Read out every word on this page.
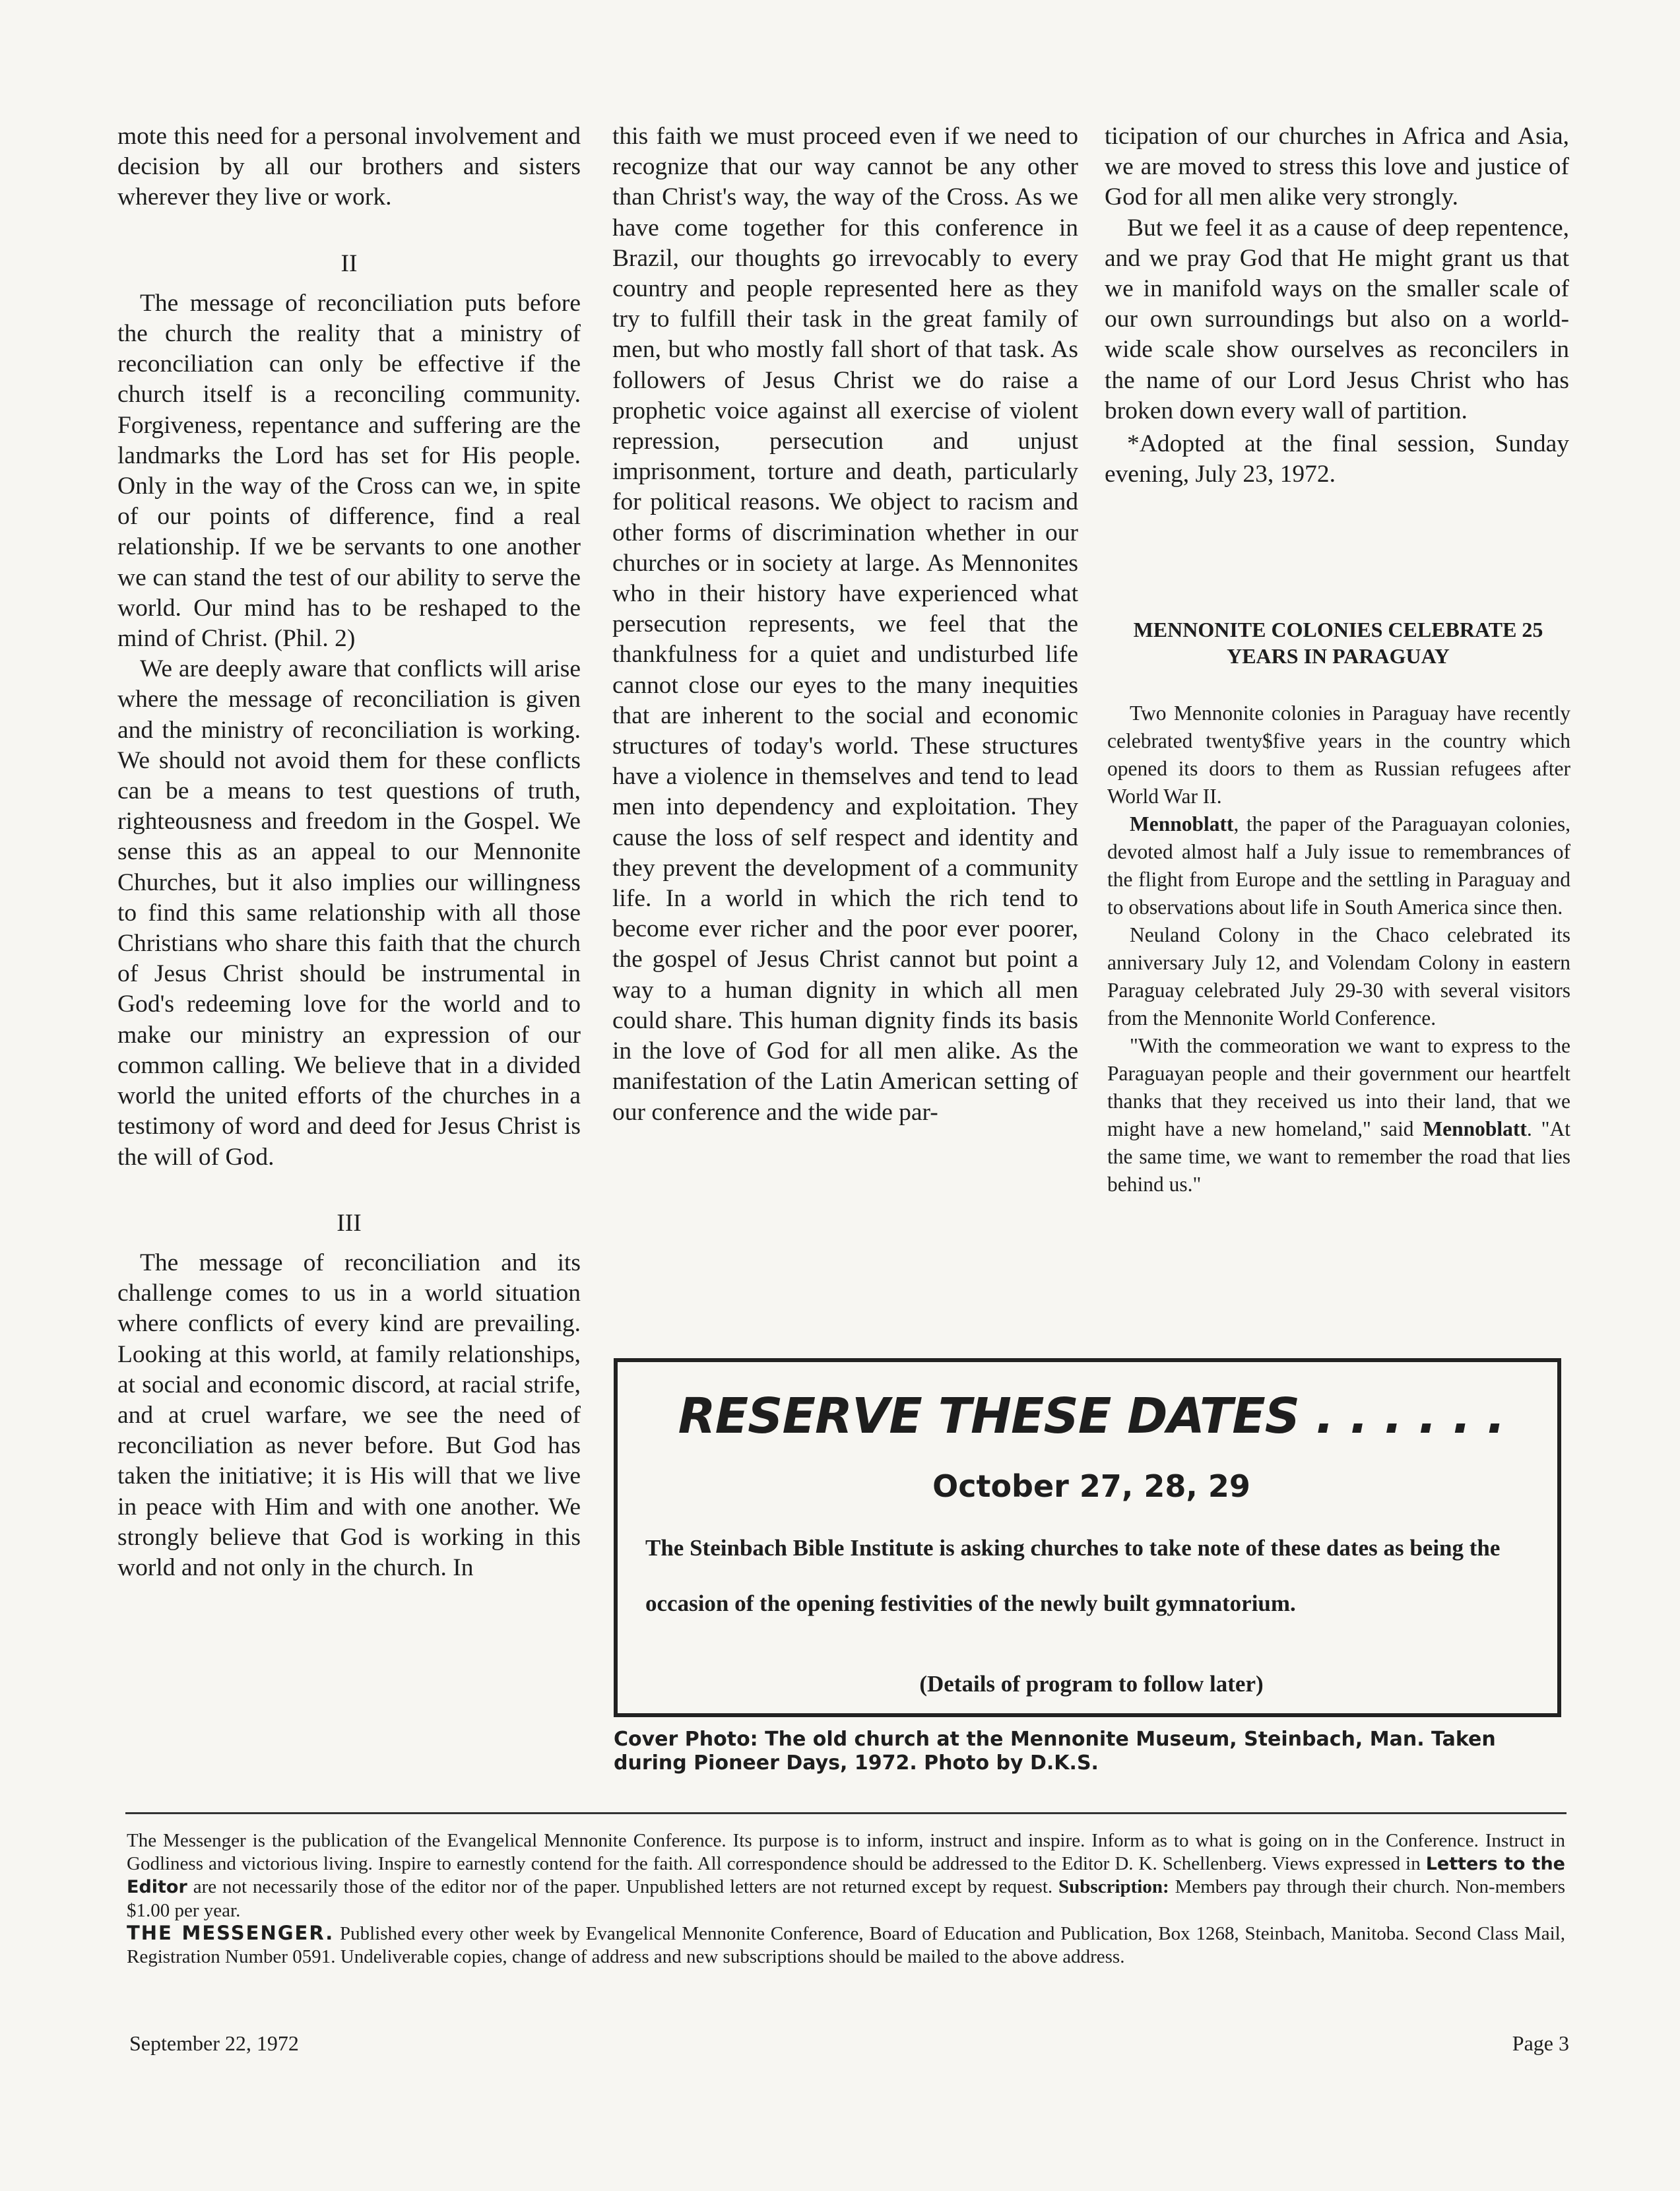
mote this need for a personal involvement and decision by all our brothers and sisters wherever they live or work.

II

The message of reconciliation puts before the church the reality that a ministry of reconciliation can only be effective if the church itself is a reconciling community. Forgiveness, repentance and suffering are the landmarks the Lord has set for His people. Only in the way of the Cross can we, in spite of our points of difference, find a real relationship. If we be servants to one another we can stand the test of our ability to serve the world. Our mind has to be reshaped to the mind of Christ. (Phil. 2)

We are deeply aware that conflicts will arise where the message of reconciliation is given and the ministry of reconciliation is working. We should not avoid them for these conflicts can be a means to test questions of truth, righteousness and freedom in the Gospel. We sense this as an appeal to our Mennonite Churches, but it also implies our willingness to find this same relationship with all those Christians who share this faith that the church of Jesus Christ should be instrumental in God's redeeming love for the world and to make our ministry an expression of our common calling. We believe that in a divided world the united efforts of the churches in a testimony of word and deed for Jesus Christ is the will of God.

III

The message of reconciliation and its challenge comes to us in a world situation where conflicts of every kind are prevailing. Looking at this world, at family relationships, at social and economic discord, at racial strife, and at cruel warfare, we see the need of reconciliation as never before. But God has taken the initiative; it is His will that we live in peace with Him and with one another. We strongly believe that God is working in this world and not only in the church. In

this faith we must proceed even if we need to recognize that our way cannot be any other than Christ's way, the way of the Cross. As we have come together for this conference in Brazil, our thoughts go irrevocably to every country and people represented here as they try to fulfill their task in the great family of men, but who mostly fall short of that task. As followers of Jesus Christ we do raise a prophetic voice against all exercise of violent repression, persecution and unjust imprisonment, torture and death, particularly for political reasons. We object to racism and other forms of discrimination whether in our churches or in society at large. As Mennonites who in their history have experienced what persecution represents, we feel that the thankfulness for a quiet and undisturbed life cannot close our eyes to the many inequities that are inherent to the social and economic structures of today's world. These structures have a violence in themselves and tend to lead men into dependency and exploitation. They cause the loss of self respect and identity and they prevent the development of a community life. In a world in which the rich tend to become ever richer and the poor ever poorer, the gospel of Jesus Christ cannot but point a way to a human dignity in which all men could share. This human dignity finds its basis in the love of God for all men alike. As the manifestation of the Latin American setting of our conference and the wide par-

ticipation of our churches in Africa and Asia, we are moved to stress this love and justice of God for all men alike very strongly.

But we feel it as a cause of deep repentence, and we pray God that He might grant us that we in manifold ways on the smaller scale of our own surroundings but also on a world-wide scale show ourselves as reconcilers in the name of our Lord Jesus Christ who has broken down every wall of partition.

*Adopted at the final session, Sunday evening, July 23, 1972.

MENNONITE COLONIES CELEBRATE 25 YEARS IN PARAGUAY

Two Mennonite colonies in Paraguay have recently celebrated twenty$five years in the country which opened its doors to them as Russian refugees after World War II.

Mennoblatt, the paper of the Paraguayan colonies, devoted almost half a July issue to remembrances of the flight from Europe and the settling in Paraguay and to observations about life in South America since then.

Neuland Colony in the Chaco celebrated its anniversary July 12, and Volendam Colony in eastern Paraguay celebrated July 29-30 with several visitors from the Mennonite World Conference.

"With the commeoration we want to express to the Paraguayan people and their government our heartfelt thanks that they received us into their land, that we might have a new homeland," said Mennoblatt. "At the same time, we want to remember the road that lies behind us."

RESERVE THESE DATES . . . . . .
October 27, 28, 29
The Steinbach Bible Institute is asking churches to take note of these dates as being the occasion of the opening festivities of the newly built gymnatorium.
(Details of program to follow later)
Cover Photo: The old church at the Mennonite Museum, Steinbach, Man. Taken during Pioneer Days, 1972. Photo by D.K.S.

The Messenger is the publication of the Evangelical Mennonite Conference. Its purpose is to inform, instruct and inspire. Inform as to what is going on in the Conference. Instruct in Godliness and victorious living. Inspire to earnestly contend for the faith. All correspondence should be addressed to the Editor D. K. Schellenberg. Views expressed in Letters to the Editor are not necessarily those of the editor nor of the paper. Unpublished letters are not returned except by request. Subscription: Members pay through their church. Non-members $1.00 per year.

THE MESSENGER. Published every other week by Evangelical Mennonite Conference, Board of Education and Publication, Box 1268, Steinbach, Manitoba. Second Class Mail, Registration Number 0591. Undeliverable copies, change of address and new subscriptions should be mailed to the above address.

September 22, 1972	Page 3
